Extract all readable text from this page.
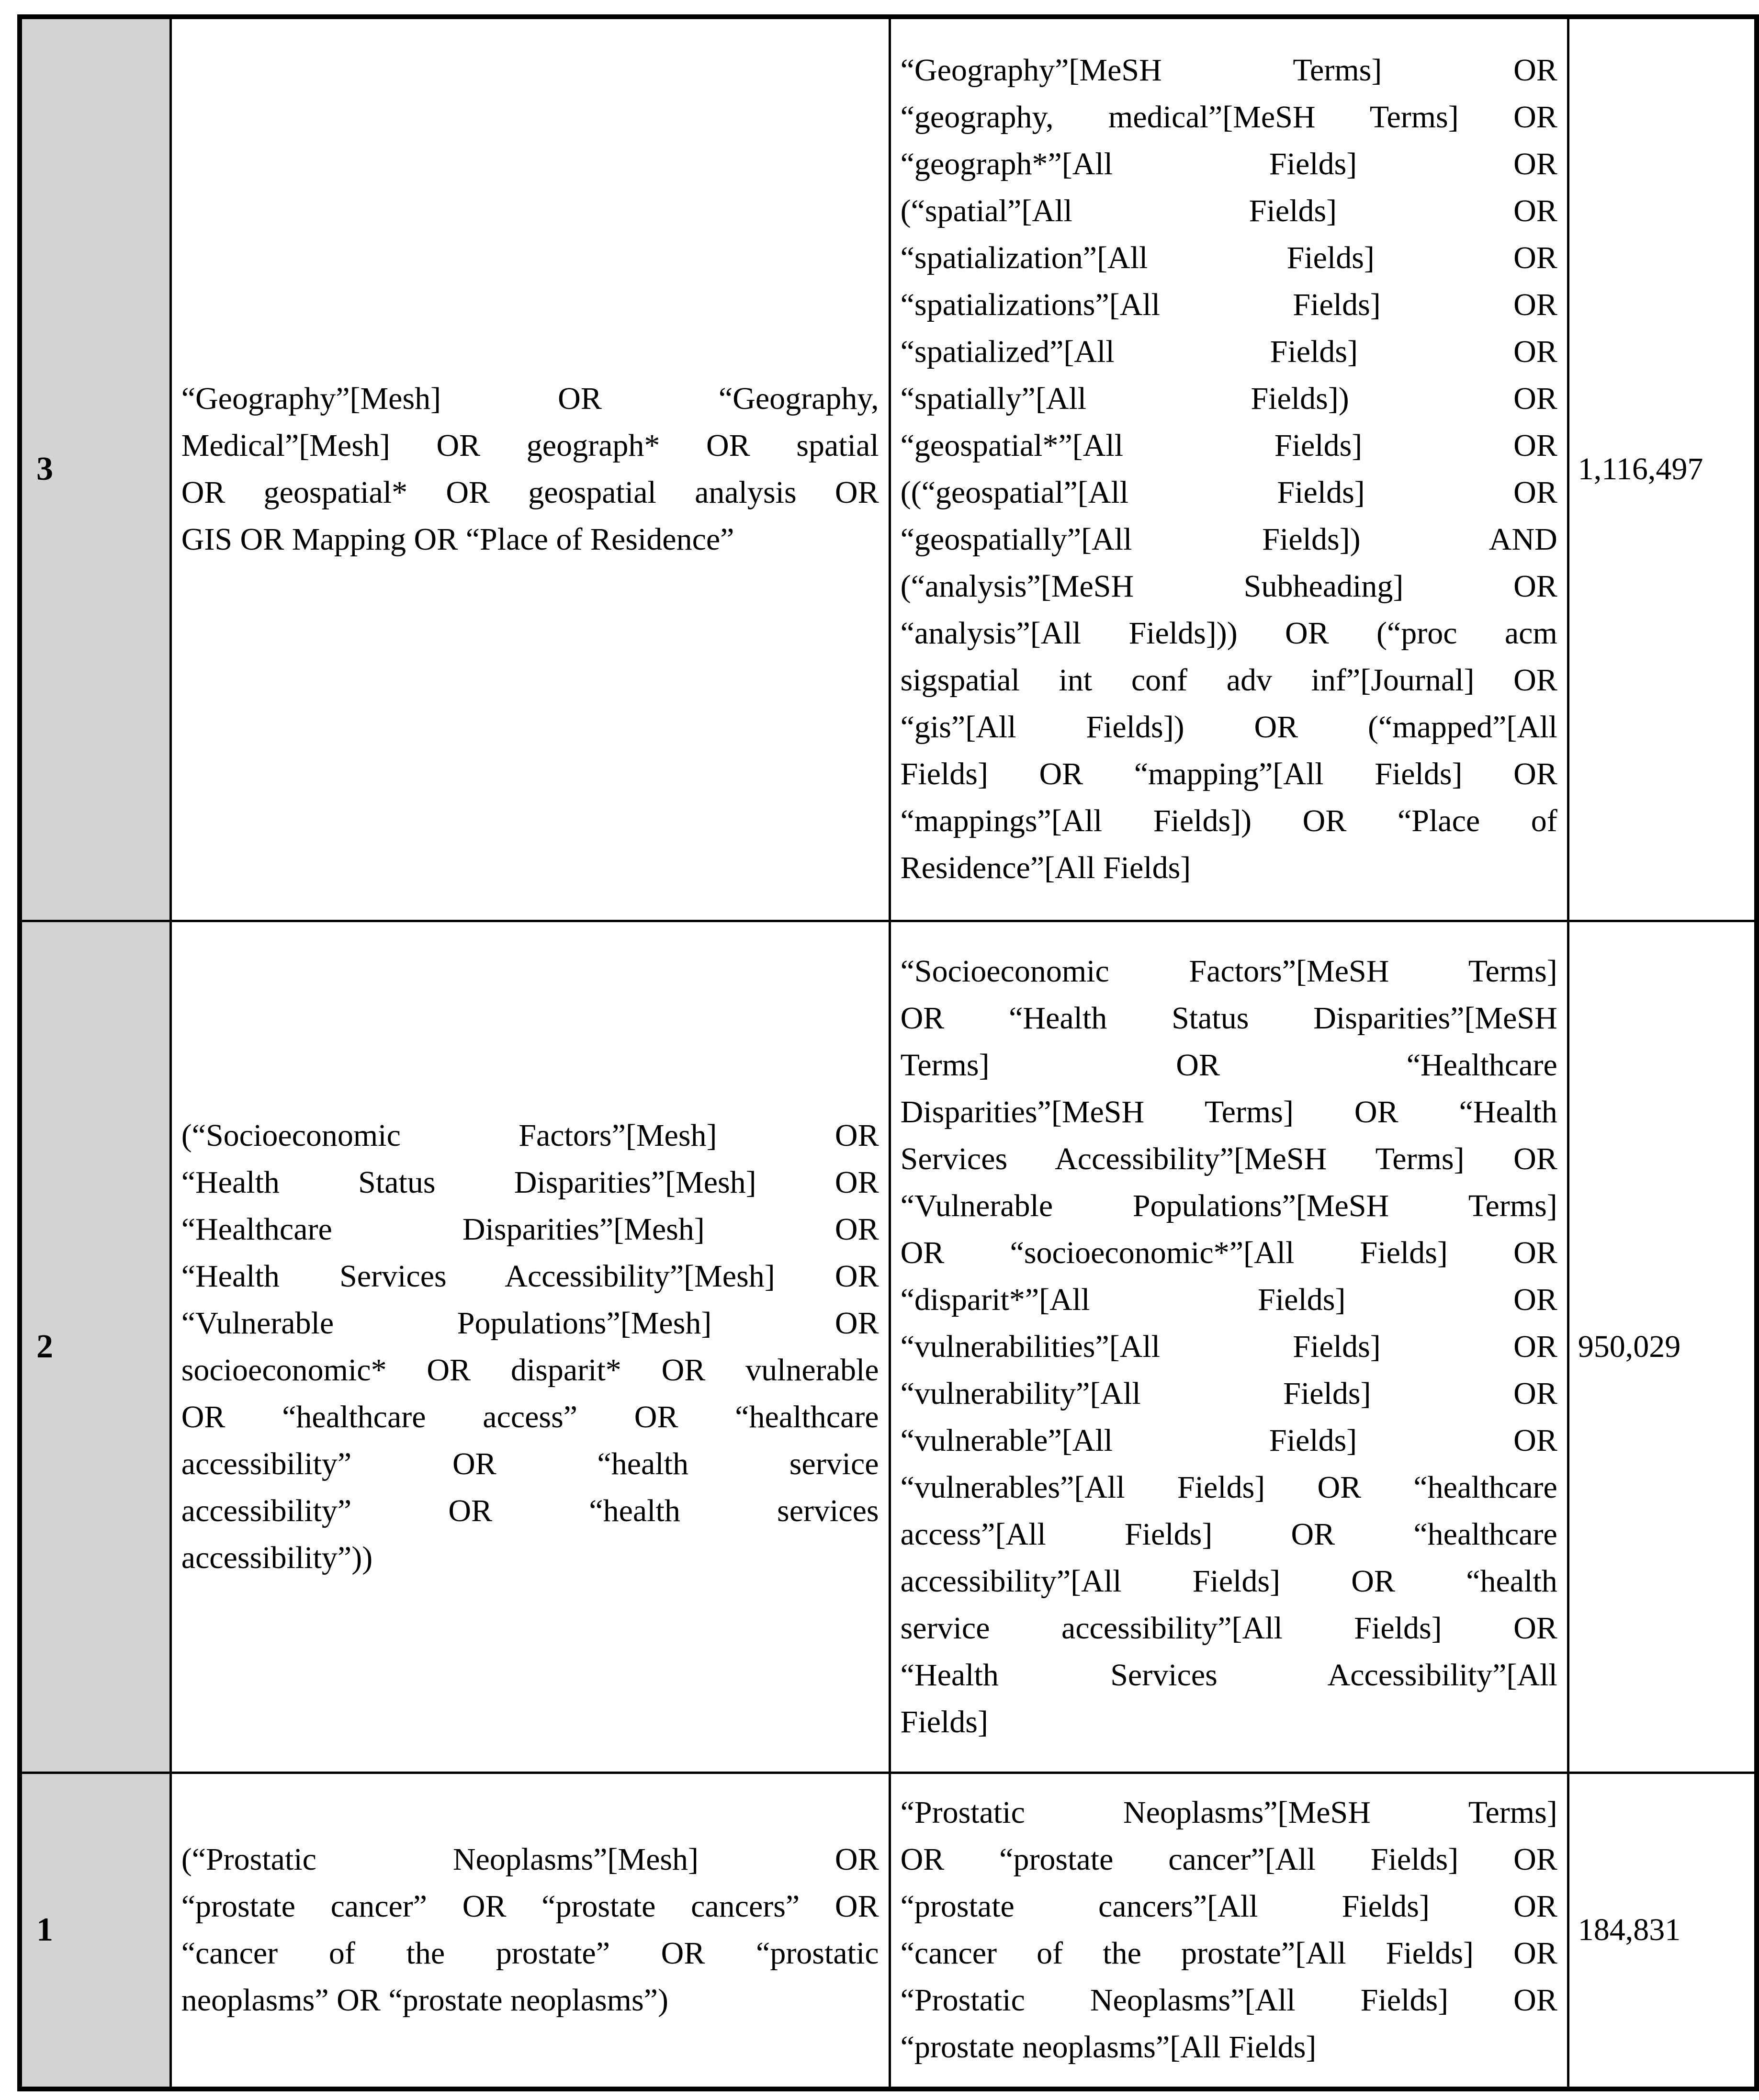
3	
“Geography”[Mesh] OR “Geography,
Medical”[Mesh] OR geograph* OR spatial
OR geospatial* OR geospatial analysis OR
GIS OR Mapping OR “Place of Residence”

“Geography”[MeSH Terms] OR
“geography, medical”[MeSH Terms] OR
“geograph*”[All Fields] OR
(“spatial”[All Fields] OR
“spatialization”[All Fields] OR
“spatializations”[All Fields] OR
“spatialized”[All Fields] OR
“spatially”[All Fields]) OR
“geospatial*”[All Fields] OR
((“geospatial”[All Fields] OR
“geospatially”[All Fields]) AND
(“analysis”[MeSH Subheading] OR
“analysis”[All Fields])) OR (“proc acm
sigspatial int conf adv inf”[Journal] OR
“gis”[All Fields]) OR (“mapped”[All
Fields] OR “mapping”[All Fields] OR
“mappings”[All Fields]) OR “Place of
Residence”[All Fields]
	1,116,497
2	
(“Socioeconomic Factors”[Mesh] OR
“Health Status Disparities”[Mesh] OR
“Healthcare Disparities”[Mesh] OR
“Health Services Accessibility”[Mesh] OR
“Vulnerable Populations”[Mesh] OR
socioeconomic* OR disparit* OR vulnerable
OR “healthcare access” OR “healthcare
accessibility” OR “health service
accessibility” OR “health services
accessibility”))

“Socioeconomic Factors”[MeSH Terms]
OR “Health Status Disparities”[MeSH
Terms] OR “Healthcare
Disparities”[MeSH Terms] OR “Health
Services Accessibility”[MeSH Terms] OR
“Vulnerable Populations”[MeSH Terms]
OR “socioeconomic*”[All Fields] OR
“disparit*”[All Fields] OR
“vulnerabilities”[All Fields] OR
“vulnerability”[All Fields] OR
“vulnerable”[All Fields] OR
“vulnerables”[All Fields] OR “healthcare
access”[All Fields] OR “healthcare
accessibility”[All Fields] OR “health
service accessibility”[All Fields] OR
“Health Services Accessibility”[All
Fields]
	950,029
1	
(“Prostatic Neoplasms”[Mesh] OR
“prostate cancer” OR “prostate cancers” OR
“cancer of the prostate” OR “prostatic
neoplasms” OR “prostate neoplasms”)

“Prostatic Neoplasms”[MeSH Terms]
OR “prostate cancer”[All Fields] OR
“prostate cancers”[All Fields] OR
“cancer of the prostate”[All Fields] OR
“Prostatic Neoplasms”[All Fields] OR
“prostate neoplasms”[All Fields]
	184,831
